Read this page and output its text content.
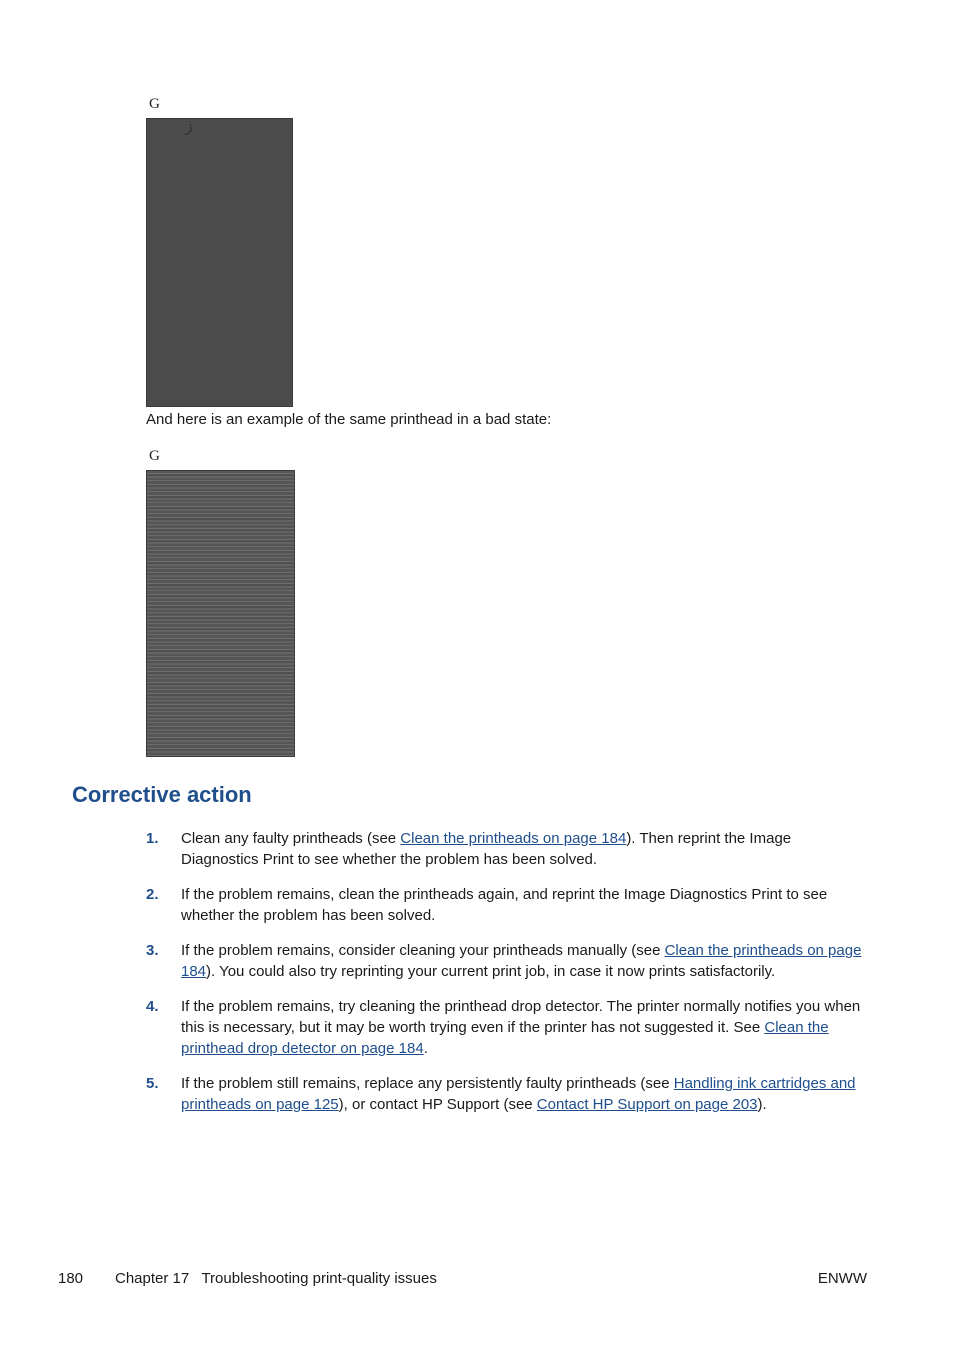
G
And here is an example of the same printhead in a bad state:
G
Corrective action
1. Clean any faulty printheads (see Clean the printheads on page 184). Then reprint the Image Diagnostics Print to see whether the problem has been solved.
2. If the problem remains, clean the printheads again, and reprint the Image Diagnostics Print to see whether the problem has been solved.
3. If the problem remains, consider cleaning your printheads manually (see Clean the printheads on page 184). You could also try reprinting your current print job, in case it now prints satisfactorily.
4. If the problem remains, try cleaning the printhead drop detector. The printer normally notifies you when this is necessary, but it may be worth trying even if the printer has not suggested it. See Clean the printhead drop detector on page 184.
5. If the problem still remains, replace any persistently faulty printheads (see Handling ink cartridges and printheads on page 125), or contact HP Support (see Contact HP Support on page 203).
180 Chapter 17   Troubleshooting print-quality issues	ENWW
